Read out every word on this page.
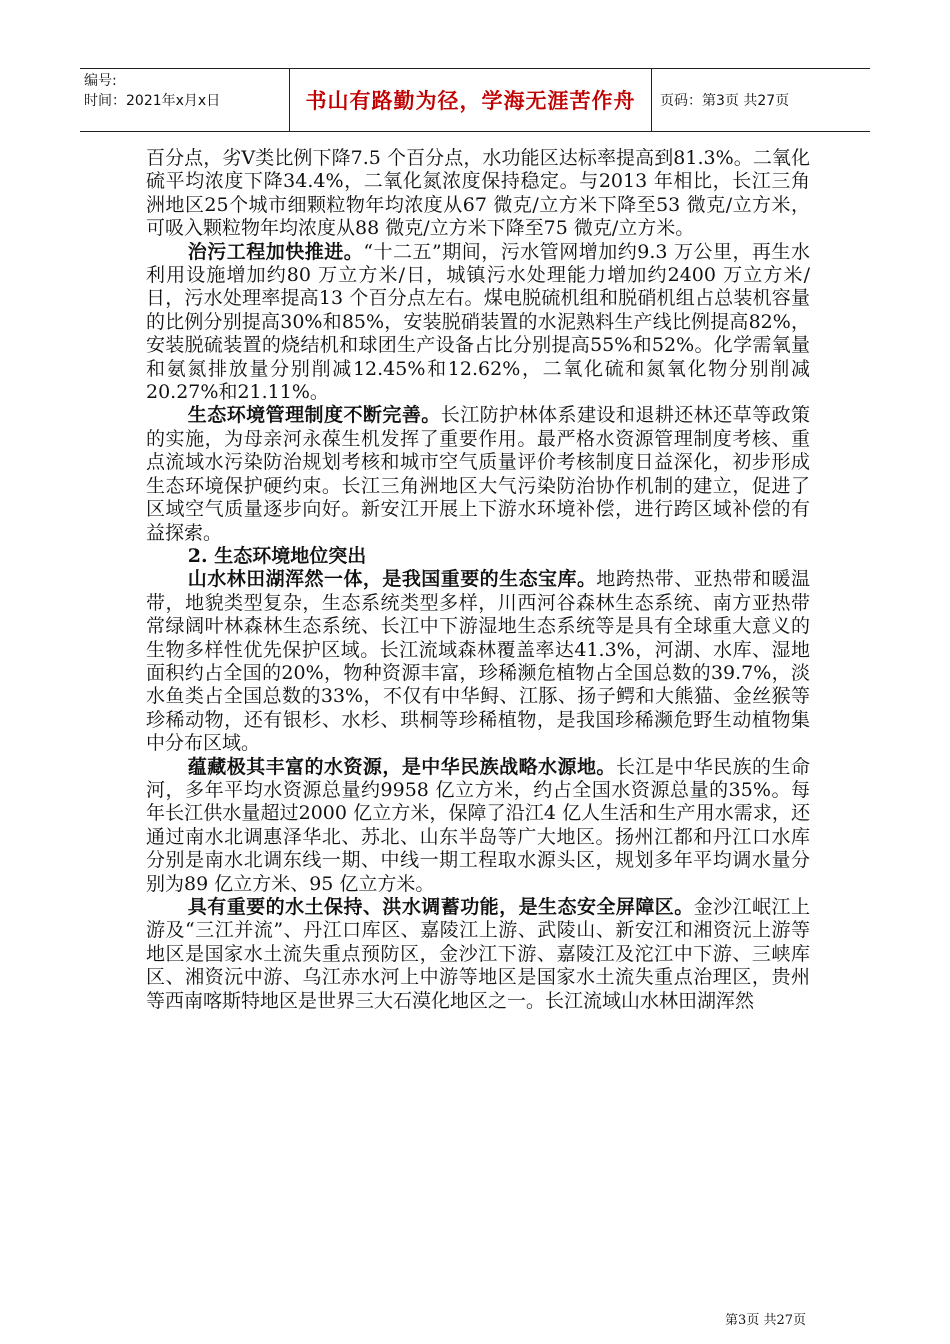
编号:
时间：2021年x月x日	书山有路勤为径，学海无涯苦作舟	页码：第3页 共27页

百分点，劣Ⅴ类比例下降7.5 个百分点，水功能区达标率提高到81.3%。二氧化硫平均浓度下降34.4%，二氧化氮浓度保持稳定。与2013 年相比，长江三角洲地区25个城市细颗粒物年均浓度从67 微克/立方米下降至53 微克/立方米，可吸入颗粒物年均浓度从88 微克/立方米下降至75 微克/立方米。

治污工程加快推进。“十二五”期间，污水管网增加约9.3 万公里，再生水利用设施增加约80 万立方米/日，城镇污水处理能力增加约2400 万立方米/日，污水处理率提高13 个百分点左右。煤电脱硫机组和脱硝机组占总装机容量的比例分别提高30%和85%，安装脱硝装置的水泥熟料生产线比例提高82%，安装脱硫装置的烧结机和球团生产设备占比分别提高55%和52%。化学需氧量和氨氮排放量分别削减12.45%和12.62%，二氧化硫和氮氧化物分别削减20.27%和21.11%。

生态环境管理制度不断完善。长江防护林体系建设和退耕还林还草等政策的实施，为母亲河永葆生机发挥了重要作用。最严格水资源管理制度考核、重点流域水污染防治规划考核和城市空气质量评价考核制度日益深化，初步形成生态环境保护硬约束。长江三角洲地区大气污染防治协作机制的建立，促进了区域空气质量逐步向好。新安江开展上下游水环境补偿，进行跨区域补偿的有益探索。

2. 生态环境地位突出

山水林田湖浑然一体，是我国重要的生态宝库。地跨热带、亚热带和暖温带，地貌类型复杂，生态系统类型多样，川西河谷森林生态系统、南方亚热带常绿阔叶林森林生态系统、长江中下游湿地生态系统等是具有全球重大意义的生物多样性优先保护区域。长江流域森林覆盖率达41.3%，河湖、水库、湿地面积约占全国的20%，物种资源丰富，珍稀濒危植物占全国总数的39.7%，淡水鱼类占全国总数的33%，不仅有中华鲟、江豚、扬子鳄和大熊猫、金丝猴等珍稀动物，还有银杉、水杉、珙桐等珍稀植物，是我国珍稀濒危野生动植物集中分布区域。

蕴藏极其丰富的水资源，是中华民族战略水源地。长江是中华民族的生命河，多年平均水资源总量约9958 亿立方米，约占全国水资源总量的35%。每年长江供水量超过2000 亿立方米，保障了沿江4 亿人生活和生产用水需求，还通过南水北调惠泽华北、苏北、山东半岛等广大地区。扬州江都和丹江口水库分别是南水北调东线一期、中线一期工程取水源头区，规划多年平均调水量分别为89 亿立方米、95 亿立方米。

具有重要的水土保持、洪水调蓄功能，是生态安全屏障区。金沙江岷江上游及“三江并流”、丹江口库区、嘉陵江上游、武陵山、新安江和湘资沅上游等地区是国家水土流失重点预防区，金沙江下游、嘉陵江及沱江中下游、三峡库区、湘资沅中游、乌江赤水河上中游等地区是国家水土流失重点治理区，贵州等西南喀斯特地区是世界三大石漠化地区之一。长江流域山水林田湖浑然

第3页 共27页
